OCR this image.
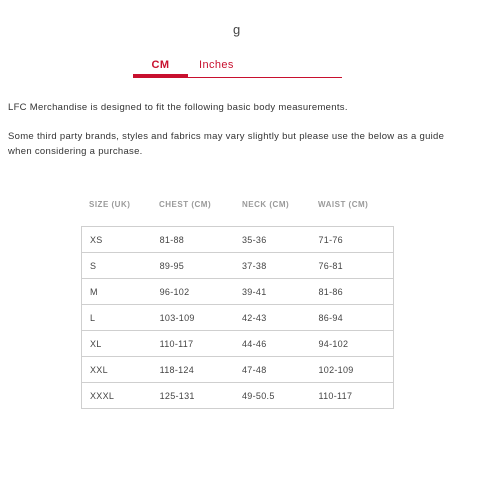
g
CM	Inches

LFC Merchandise is designed to fit the following basic body measurements.

Some third party brands, styles and fabrics may vary slightly but please use the below as a guide when considering a purchase.

SIZE (UK)	CHEST (CM)	NECK (CM)	WAIST (CM)
XS	81-88	35-36	71-76
S	89-95	37-38	76-81
M	96-102	39-41	81-86
L	103-109	42-43	86-94
XL	110-117	44-46	94-102
XXL	118-124	47-48	102-109
XXXL	125-131	49-50.5	110-117
